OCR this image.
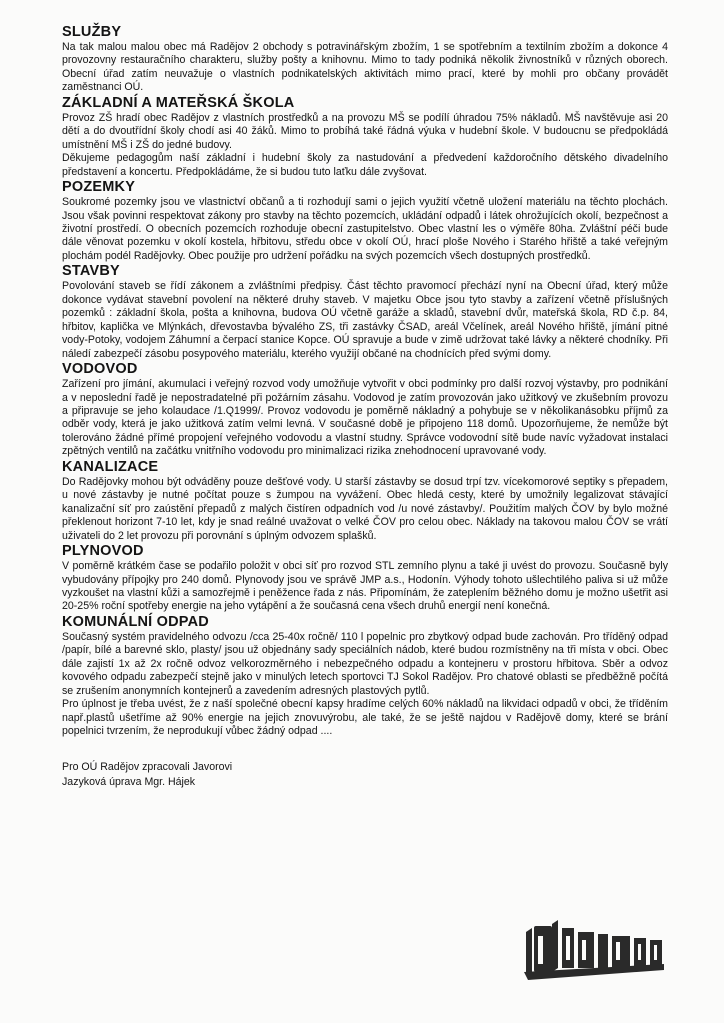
SLUŽBY

Na tak malou malou obec má Radějov 2 obchody s potravinářským zbožím, 1 se spotřebním a textilním zbožím a dokonce 4 provozovny restauračního charakteru, služby pošty a knihovnu. Mimo to tady podniká několik živnostníků v různých oborech. Obecní úřad zatím neuvažuje o vlastních podnikatelských aktivitách mimo prací, které by mohli pro občany provádět zaměstnanci OÚ.

ZÁKLADNÍ A MATEŘSKÁ ŠKOLA

Provoz ZŠ hradí obec Radějov z vlastních prostředků a na provozu MŠ se podílí úhradou 75% nákladů. MŠ navštěvuje asi 20 dětí a do dvoutřídní školy chodí asi 40 žáků. Mimo to probíhá také řádná výuka v hudební škole. V budoucnu se předpokládá umístnění MŠ i ZŠ do jedné budovy.

Děkujeme pedagogům naší základní i hudební školy za nastudování a předvedení každoročního dětského divadelního představení a koncertu. Předpokládáme, že si budou tuto laťku dále zvyšovat.

POZEMKY

Soukromé pozemky jsou ve vlastnictví občanů a ti rozhodují sami o jejich využití včetně uložení materiálu na těchto plochách. Jsou však povinni respektovat zákony pro stavby na těchto pozemcích, ukládání odpadů i látek ohrožujících okolí, bezpečnost a životní prostředí. O obecních pozemcích rozhoduje obecní zastupitelstvo. Obec vlastní les o výměře 80ha. Zvláštní péči bude dále věnovat pozemku v okolí kostela, hřbitovu, středu obce v okolí OÚ, hrací ploše Nového i Starého hřiště a také veřejným plochám podél Radějovky. Obec použije pro udržení pořádku na svých pozemcích všech dostupných prostředků.

STAVBY

Povolování staveb se řídí zákonem a zvláštními předpisy. Část těchto pravomocí přechází nyní na Obecní úřad, který může dokonce vydávat stavební povolení na některé druhy staveb. V majetku Obce jsou tyto stavby a zařízení včetně příslušných pozemků : základní škola, pošta a knihovna, budova OÚ včetně garáže a skladů, stavební dvůr, mateřská škola, RD č.p. 84, hřbitov, kaplička ve Mlýnkách, dřevostavba bývalého ZS, tři zastávky ČSAD, areál Včelínek, areál Nového hřiště, jímání pitné vody-Potoky, vodojem Záhumní a čerpací stanice Kopce. OÚ spravuje a bude v zimě udržovat také lávky a některé chodníky. Při náledí zabezpečí zásobu posypového materiálu, kterého využijí občané na chodnících před svými domy.

VODOVOD

Zařízení pro jímání, akumulaci i veřejný rozvod vody umožňuje vytvořit v obci podmínky pro další rozvoj výstavby, pro podnikání a v neposlední řadě je nepostradatelné při požárním zásahu. Vodovod je zatím provozován jako užitkový ve zkušebním provozu a připravuje se jeho kolaudace /1.Q1999/. Provoz vodovodu je poměrně nákladný a pohybuje se v několikanásobku příjmů za odběr vody, která je jako užitková zatím velmi levná. V současné době je připojeno 118 domů. Upozorňujeme, že nemůže být tolerováno žádné přímé propojení veřejného vodovodu a vlastní studny. Správce vodovodní sítě bude navíc vyžadovat instalaci zpětných ventilů na začátku vnitřního vodovodu pro minimalizaci rizika znehodnocení upravované vody.

KANALIZACE

Do Radějovky mohou být odváděny pouze dešťové vody. U starší zástavby se dosud trpí tzv. vícekomorové septiky s přepadem, u nové zástavby je nutné počítat pouze s žumpou na vyvážení. Obec hledá cesty, které by umožnily legalizovat stávající kanalizační síť pro zaústění přepadů z malých čistíren odpadních vod /u nové zástavby/. Použitím malých ČOV by bylo možné překlenout horizont 7-10 let, kdy je snad reálné uvažovat o velké ČOV pro celou obec. Náklady na takovou malou ČOV se vrátí uživateli do 2 let provozu při porovnání s úplným odvozem splašků.

PLYNOVOD

V poměrně krátkém čase se podařilo položit v obci síť pro rozvod STL zemního plynu a také ji uvést do provozu. Současně byly vybudovány přípojky pro 240 domů. Plynovody jsou ve správě JMP a.s., Hodonín. Výhody tohoto ušlechtilého paliva si už může vyzkoušet na vlastní kůži a samozřejmě i peněžence řada z nás. Připomínám, že zateplením běžného domu je možno ušetřit asi 20-25% roční spotřeby energie na jeho vytápění a že současná cena všech druhů energií není konečná.

KOMUNÁLNÍ ODPAD

Současný systém pravidelného odvozu /cca 25-40x ročně/ 110 l popelnic pro zbytkový odpad bude zachován. Pro tříděný odpad /papír, bílé a barevné sklo, plasty/ jsou už objednány sady speciálních nádob, které budou rozmístněny na tři místa v obci. Obec dále zajistí 1x až 2x ročně odvoz velkorozměrného i nebezpečného odpadu a kontejneru v prostoru hřbitova. Sběr a odvoz kovového odpadu zabezpečí stejně jako v minulých letech sportovci TJ Sokol Radějov. Pro chatové oblasti se předběžně počítá se zrušením anonymních kontejnerů a zavedením adresných plastových pytlů.

Pro úplnost je třeba uvést, že z naší společné obecní kapsy hradíme celých 60% nákladů na likvidaci odpadů v obci, že tříděním např.plastů ušetříme až 90% energie na jejich znovuvýrobu, ale také, že se ještě najdou v Radějově domy, které se brání popelnici tvrzením, že neprodukují vůbec žádný odpad ....

Pro OÚ Radějov zpracovali Javorovi
Jazyková úprava Mgr. Hájek
